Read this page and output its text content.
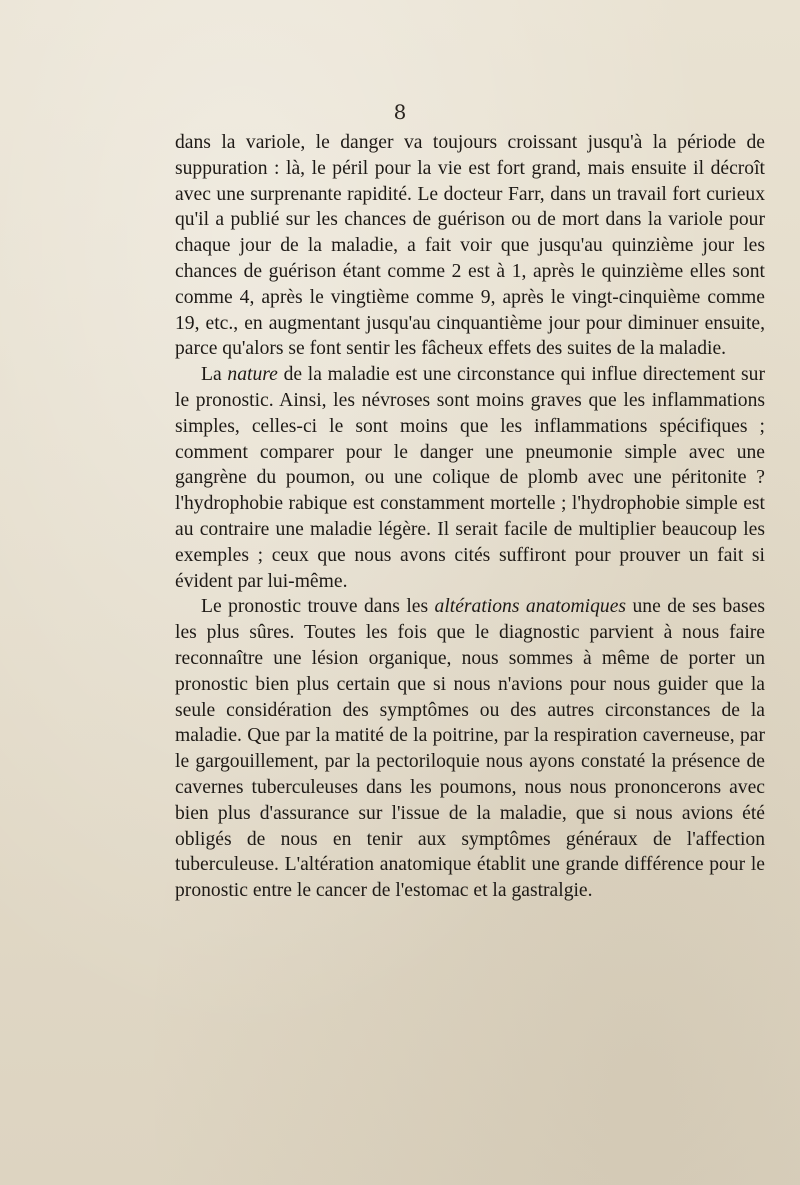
8

dans la variole, le danger va toujours croissant jusqu'à la période de suppuration : là, le péril pour la vie est fort grand, mais ensuite il décroît avec une surprenante rapidité. Le docteur Farr, dans un travail fort curieux qu'il a publié sur les chances de guérison ou de mort dans la variole pour chaque jour de la maladie, a fait voir que jusqu'au quinzième jour les chances de guérison étant comme 2 est à 1, après le quinzième elles sont comme 4, après le vingtième comme 9, après le vingt-cinquième comme 19, etc., en augmentant jusqu'au cinquantième jour pour diminuer ensuite, parce qu'alors se font sentir les fâcheux effets des suites de la maladie.

La nature de la maladie est une circonstance qui influe directement sur le pronostic. Ainsi, les névroses sont moins graves que les inflammations simples, celles-ci le sont moins que les inflammations spécifiques ; comment comparer pour le danger une pneumonie simple avec une gangrène du poumon, ou une colique de plomb avec une péritonite ? l'hydrophobie rabique est constamment mortelle ; l'hydrophobie simple est au contraire une maladie légère. Il serait facile de multiplier beaucoup les exemples ; ceux que nous avons cités suffiront pour prouver un fait si évident par lui-même.

Le pronostic trouve dans les altérations anatomiques une de ses bases les plus sûres. Toutes les fois que le diagnostic parvient à nous faire reconnaître une lésion organique, nous sommes à même de porter un pronostic bien plus certain que si nous n'avions pour nous guider que la seule considération des symptômes ou des autres circonstances de la maladie. Que par la matité de la poitrine, par la respiration caverneuse, par le gargouillement, par la pectoriloquie nous ayons constaté la présence de cavernes tuberculeuses dans les poumons, nous nous prononcerons avec bien plus d'assurance sur l'issue de la maladie, que si nous avions été obligés de nous en tenir aux symptômes généraux de l'affection tuberculeuse. L'altération anatomique établit une grande différence pour le pronostic entre le cancer de l'estomac et la gastralgie.
